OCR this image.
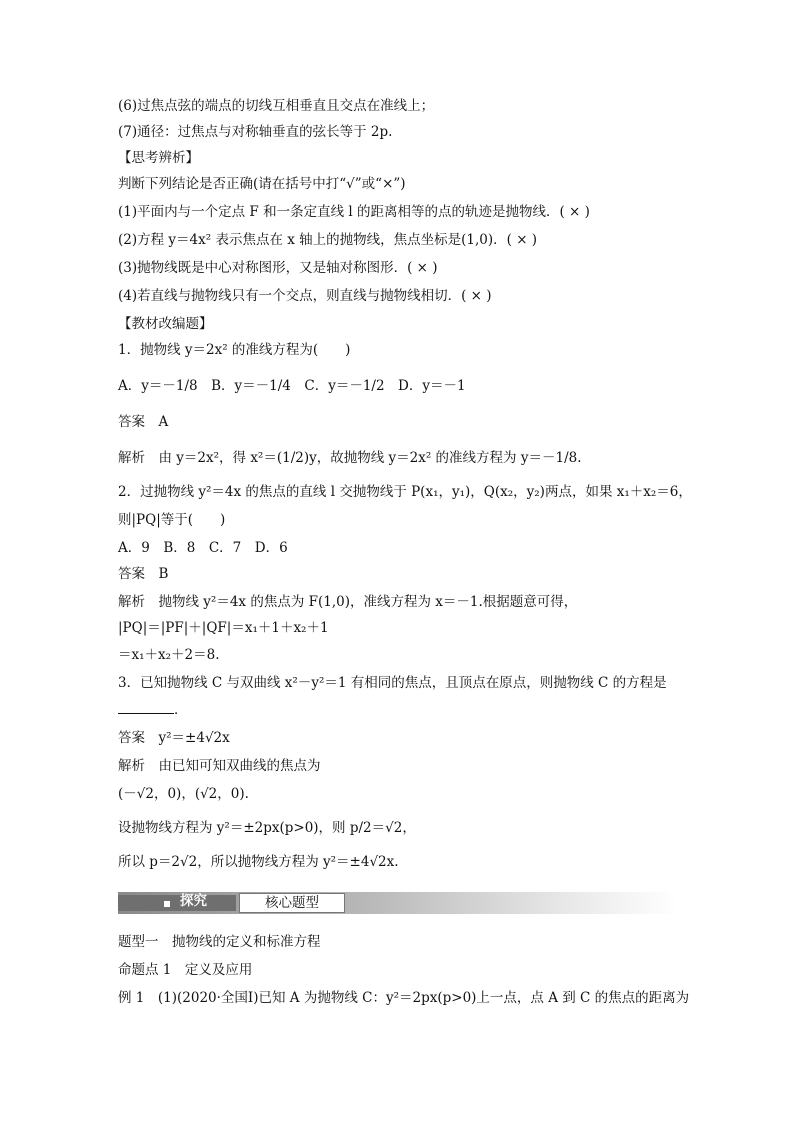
(6)过焦点弦的端点的切线互相垂直且交点在准线上；
(7)通径：过焦点与对称轴垂直的弦长等于 2p.
【思考辨析】
判断下列结论是否正确(请在括号中打“√”或“×”)
(1)平面内与一个定点 F 和一条定直线 l 的距离相等的点的轨迹是抛物线．( × )
(2)方程 y＝4x² 表示焦点在 x 轴上的抛物线，焦点坐标是(1,0)．( × )
(3)抛物线既是中心对称图形，又是轴对称图形．( × )
(4)若直线与抛物线只有一个交点，则直线与抛物线相切．( × )
【教材改编题】
1．抛物线 y＝2x² 的准线方程为(　　)
A．y＝－1/8　B．y＝－1/4　C．y＝－1/2　D．y＝－1
答案　A
解析　由 y＝2x²，得 x²＝(1/2)y，故抛物线 y＝2x² 的准线方程为 y＝－1/8.
2．过抛物线 y²＝4x 的焦点的直线 l 交抛物线于 P(x₁，y₁)，Q(x₂，y₂)两点，如果 x₁＋x₂＝6，
则|PQ|等于(　　)
A．9　B．8　C．7　D．6
答案　B
解析　抛物线 y²＝4x 的焦点为 F(1,0)，准线方程为 x＝－1.根据题意可得，
|PQ|＝|PF|＋|QF|＝x₁＋1＋x₂＋1
＝x₁＋x₂＋2＝8.
3．已知抛物线 C 与双曲线 x²－y²＝1 有相同的焦点，且顶点在原点，则抛物线 C 的方程是
．
答案　y²＝±4√2x
解析　由已知可知双曲线的焦点为
(－√2，0)，(√2，0).
设抛物线方程为 y²＝±2px(p>0)，则 p/2＝√2，
所以 p＝2√2，所以抛物线方程为 y²＝±4√2x.
探究	核心题型
题型一　抛物线的定义和标准方程
命题点 1　定义及应用
例 1　(1)(2020·全国Ⅰ)已知 A 为抛物线 C：y²＝2px(p>0)上一点，点 A 到 C 的焦点的距离为
